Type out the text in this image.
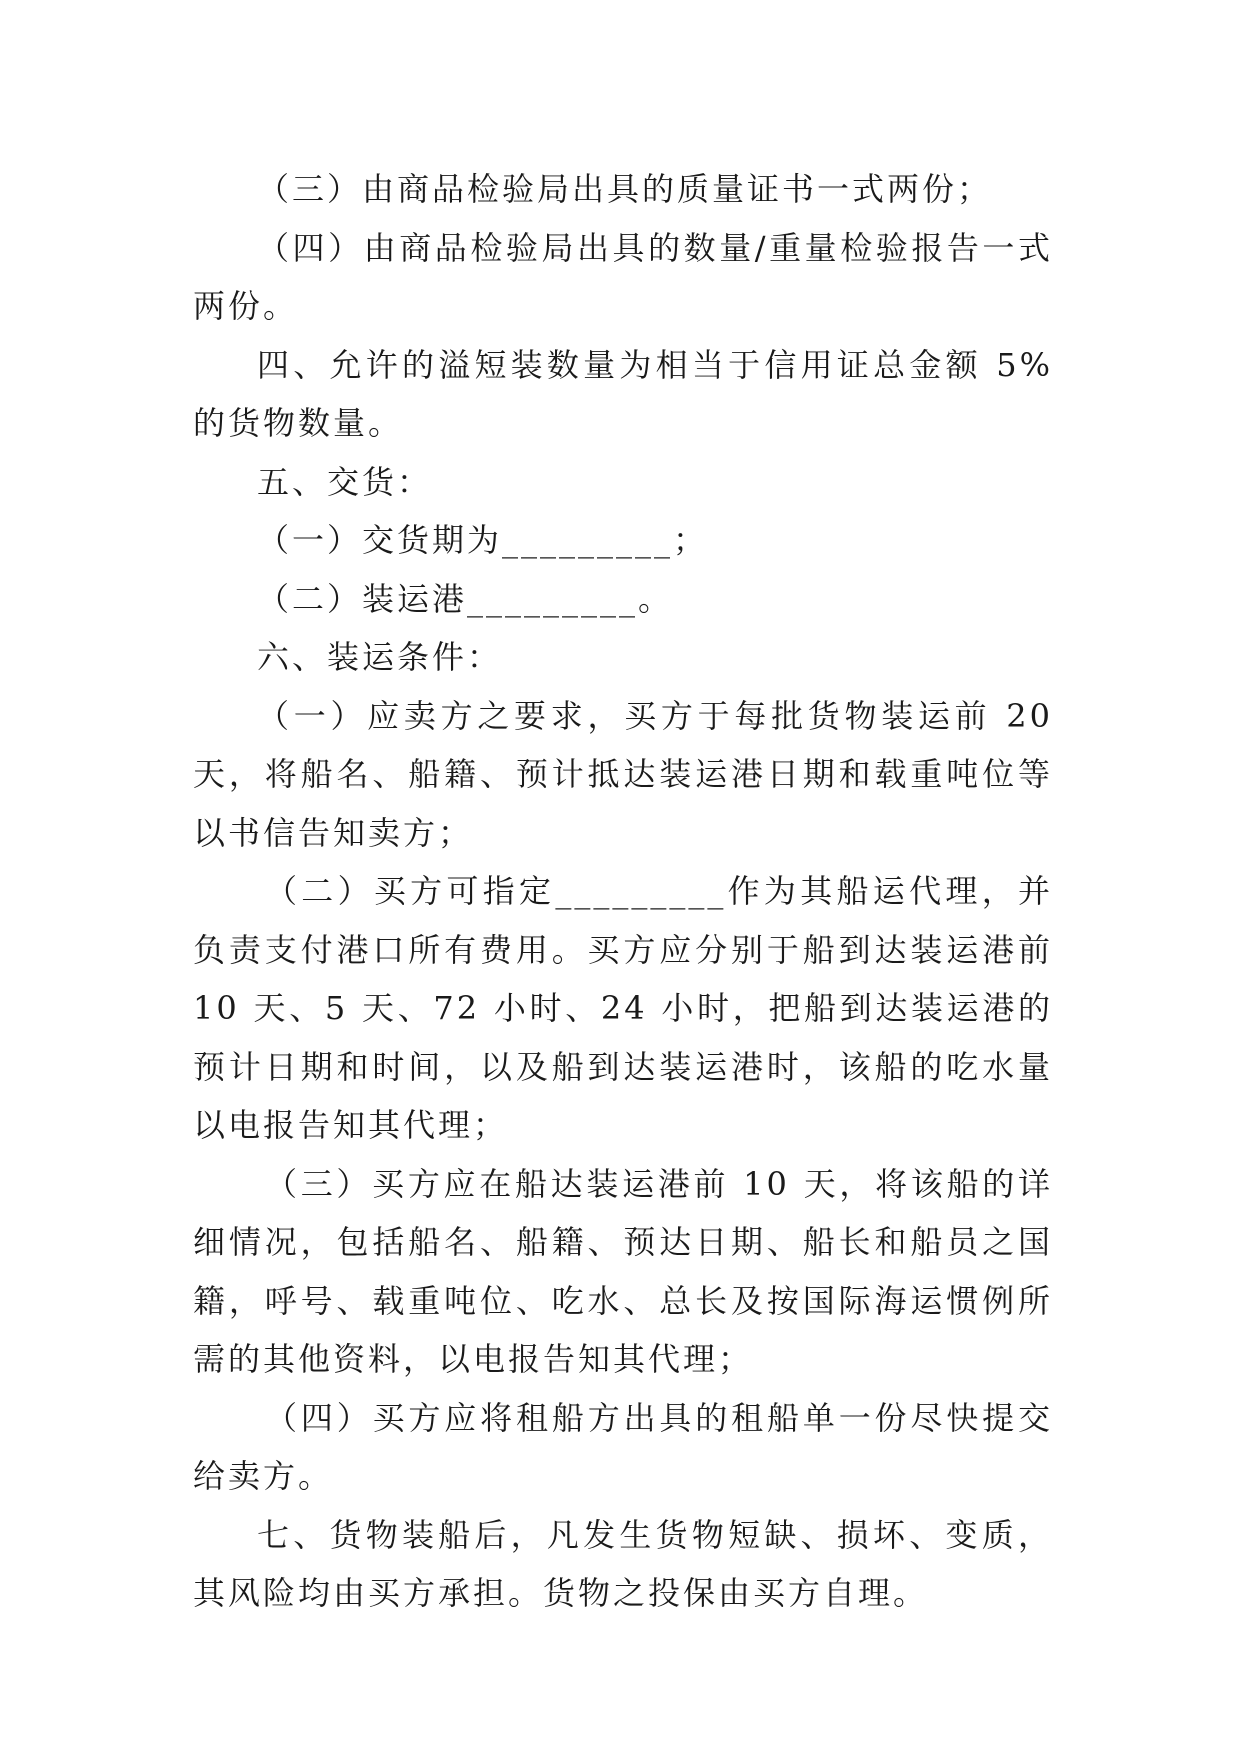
（三）由商品检验局出具的质量证书一式两份；

（四）由商品检验局出具的数量/重量检验报告一式两份。

四、允许的溢短装数量为相当于信用证总金额 5%的货物数量。

五、交货：

（一）交货期为_________；

（二）装运港_________。

六、装运条件：

（一）应卖方之要求，买方于每批货物装运前 20 天，将船名、船籍、预计抵达装运港日期和载重吨位等以书信告知卖方；

（二）买方可指定_________作为其船运代理，并负责支付港口所有费用。买方应分别于船到达装运港前 10 天、5 天、72 小时、24 小时，把船到达装运港的预计日期和时间，以及船到达装运港时，该船的吃水量以电报告知其代理；

（三）买方应在船达装运港前 10 天，将该船的详细情况，包括船名、船籍、预达日期、船长和船员之国籍，呼号、载重吨位、吃水、总长及按国际海运惯例所需的其他资料，以电报告知其代理；

（四）买方应将租船方出具的租船单一份尽快提交给卖方。

七、货物装船后，凡发生货物短缺、损坏、变质，其风险均由买方承担。货物之投保由买方自理。
